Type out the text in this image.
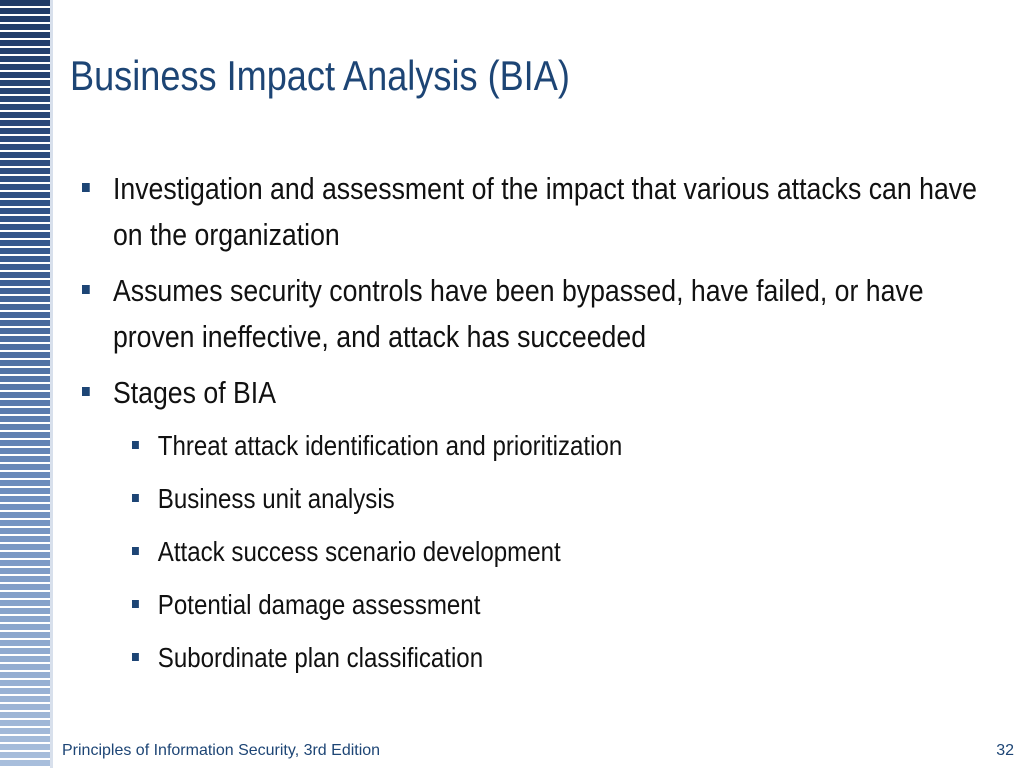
Business Impact Analysis (BIA)
Investigation and assessment of the impact that various attacks can have on the organization
Assumes security controls have been bypassed, have failed, or have proven ineffective, and attack has succeeded
Stages of BIA
Threat attack identification and prioritization
Business unit analysis
Attack success scenario development
Potential damage assessment
Subordinate plan classification
Principles of Information Security, 3rd Edition	32
